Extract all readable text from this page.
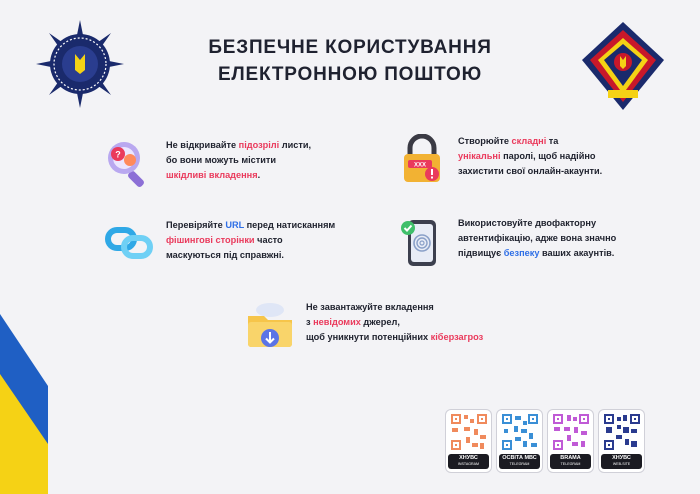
БЕЗПЕЧНЕ КОРИСТУВАННЯ
ЕЛЕКТРОННОЮ ПОШТОЮ
?
Не відкривайте підозрілі листи,
бо вони можуть містити
шкідливі вкладення.
XXX
Створюйте складні та
унікальні паролі, щоб надійно
захистити свої онлайн-акаунти.
Перевіряйте URL перед натисканням
фішингові сторінки часто
маскуються під справжні.
Використовуйте двофакторну
автентифікацію, адже вона значно
підвищує безпеку ваших акаунтів.
Не завантажуйте вкладення
з невідомих джерел,
щоб уникнути потенційних кіберзагроз
ХНУВС
INSTAGRAM
ОСВІТА МВС
TELEGRAM
BRAMA
TELEGRAM
ХНУВС
WEB-SITE
